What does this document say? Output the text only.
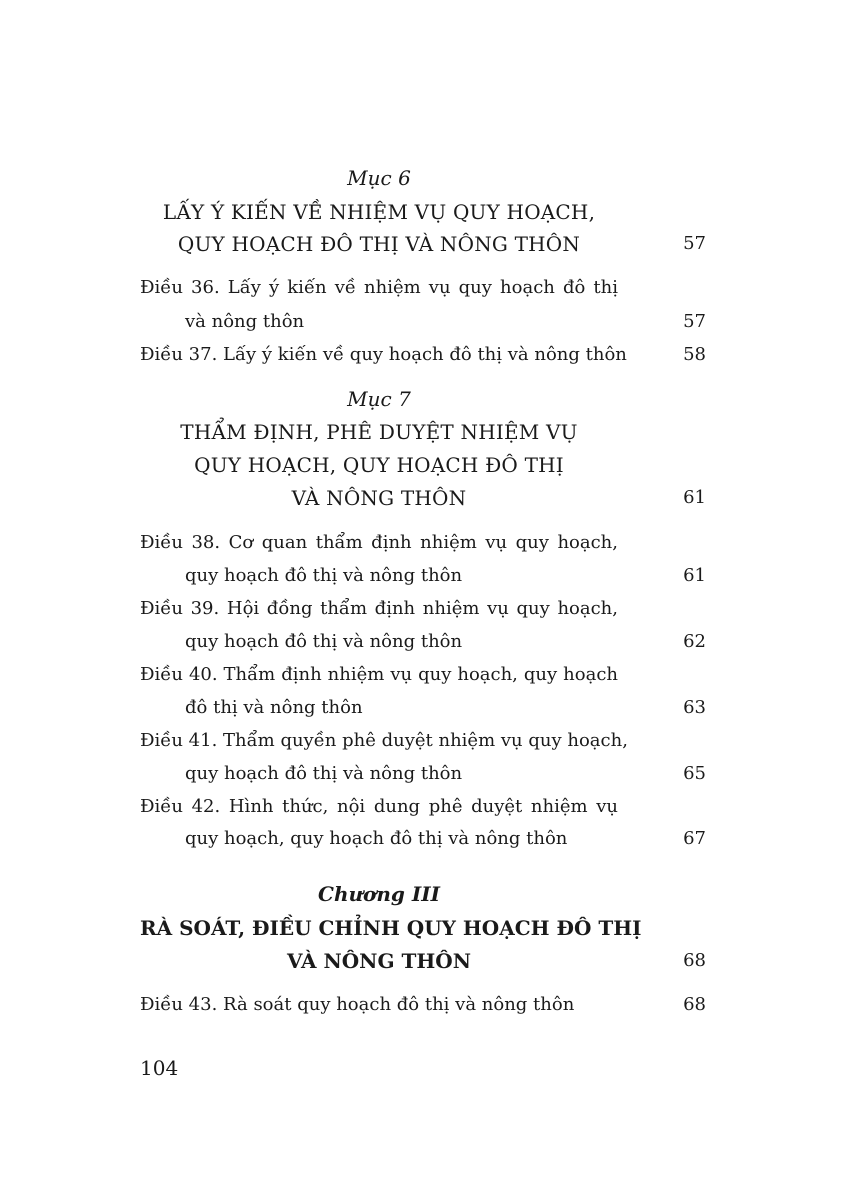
Mục 6
LẤY Ý KIẾN VỀ NHIỆM VỤ QUY HOẠCH,
QUY HOẠCH ĐÔ THỊ VÀ NÔNG THÔN	57
Điều 36. Lấy ý kiến về nhiệm vụ quy hoạch đô thị
và nông thôn	57
Điều 37. Lấy ý kiến về quy hoạch đô thị và nông thôn	58
Mục 7
THẨM ĐỊNH, PHÊ DUYỆT NHIỆM VỤ
QUY HOẠCH, QUY HOẠCH ĐÔ THỊ
VÀ NÔNG THÔN	61
Điều 38. Cơ quan thẩm định nhiệm vụ quy hoạch,
quy hoạch đô thị và nông thôn	61
Điều 39. Hội đồng thẩm định nhiệm vụ quy hoạch,
quy hoạch đô thị và nông thôn	62
Điều 40. Thẩm định nhiệm vụ quy hoạch, quy hoạch
đô thị và nông thôn	63
Điều 41. Thẩm quyền phê duyệt nhiệm vụ quy hoạch,
quy hoạch đô thị và nông thôn	65
Điều 42. Hình thức, nội dung phê duyệt nhiệm vụ
quy hoạch, quy hoạch đô thị và nông thôn	67
Chương III
RÀ SOÁT, ĐIỀU CHỈNH QUY HOẠCH ĐÔ THỊ
VÀ NÔNG THÔN	68
Điều 43. Rà soát quy hoạch đô thị và nông thôn	68
104
